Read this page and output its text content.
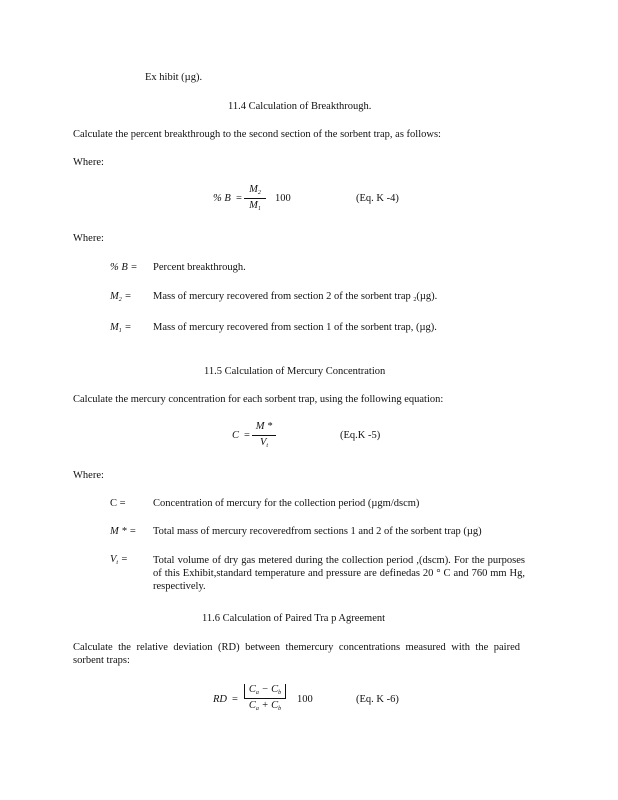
Ex hibit (µg).
11.4 Calculation of Breakthrough.
Calculate the percent breakthrough to the second section of the sorbent trap, as follows:
Where:
% $B = \frac{M_2}{M_1} 100$	(Eq. K -4)
Where:
% B = Percent breakthrough.
$M_2$ = Mass of mercury recovered from section 2 of the sorbent trap $_2$(µg).
$M_1$ = Mass of mercury recovered from section 1 of the sorbent trap, (µg).
11.5 Calculation of Mercury Concentration
Calculate the mercury concentration for each sorbent trap, using the following equation:
$C = \frac{M *}{V_t}$	(Eq.K -5)
Where:
C =	Concentration of mercury for the collection period (µgm/dscm)
M * = Total mass of mercury recoveredfrom sections 1 and 2 of the sorbent trap (µg)
$V_t$ = Total volume of dry gas metered during the collection period ,(dscm). For the purposes of this Exhibit,standard temperature and pressure are definedas 20 ° C and 760 mm Hg, respectively.
11.6 Calculation of Paired Tra p Agreement
Calculate the relative deviation (RD) between themercury concentrations measured with the paired sorbent traps:
RD = $\frac{C_a - C_b}{C_a + C_b} 100$	(Eq. K -6)
